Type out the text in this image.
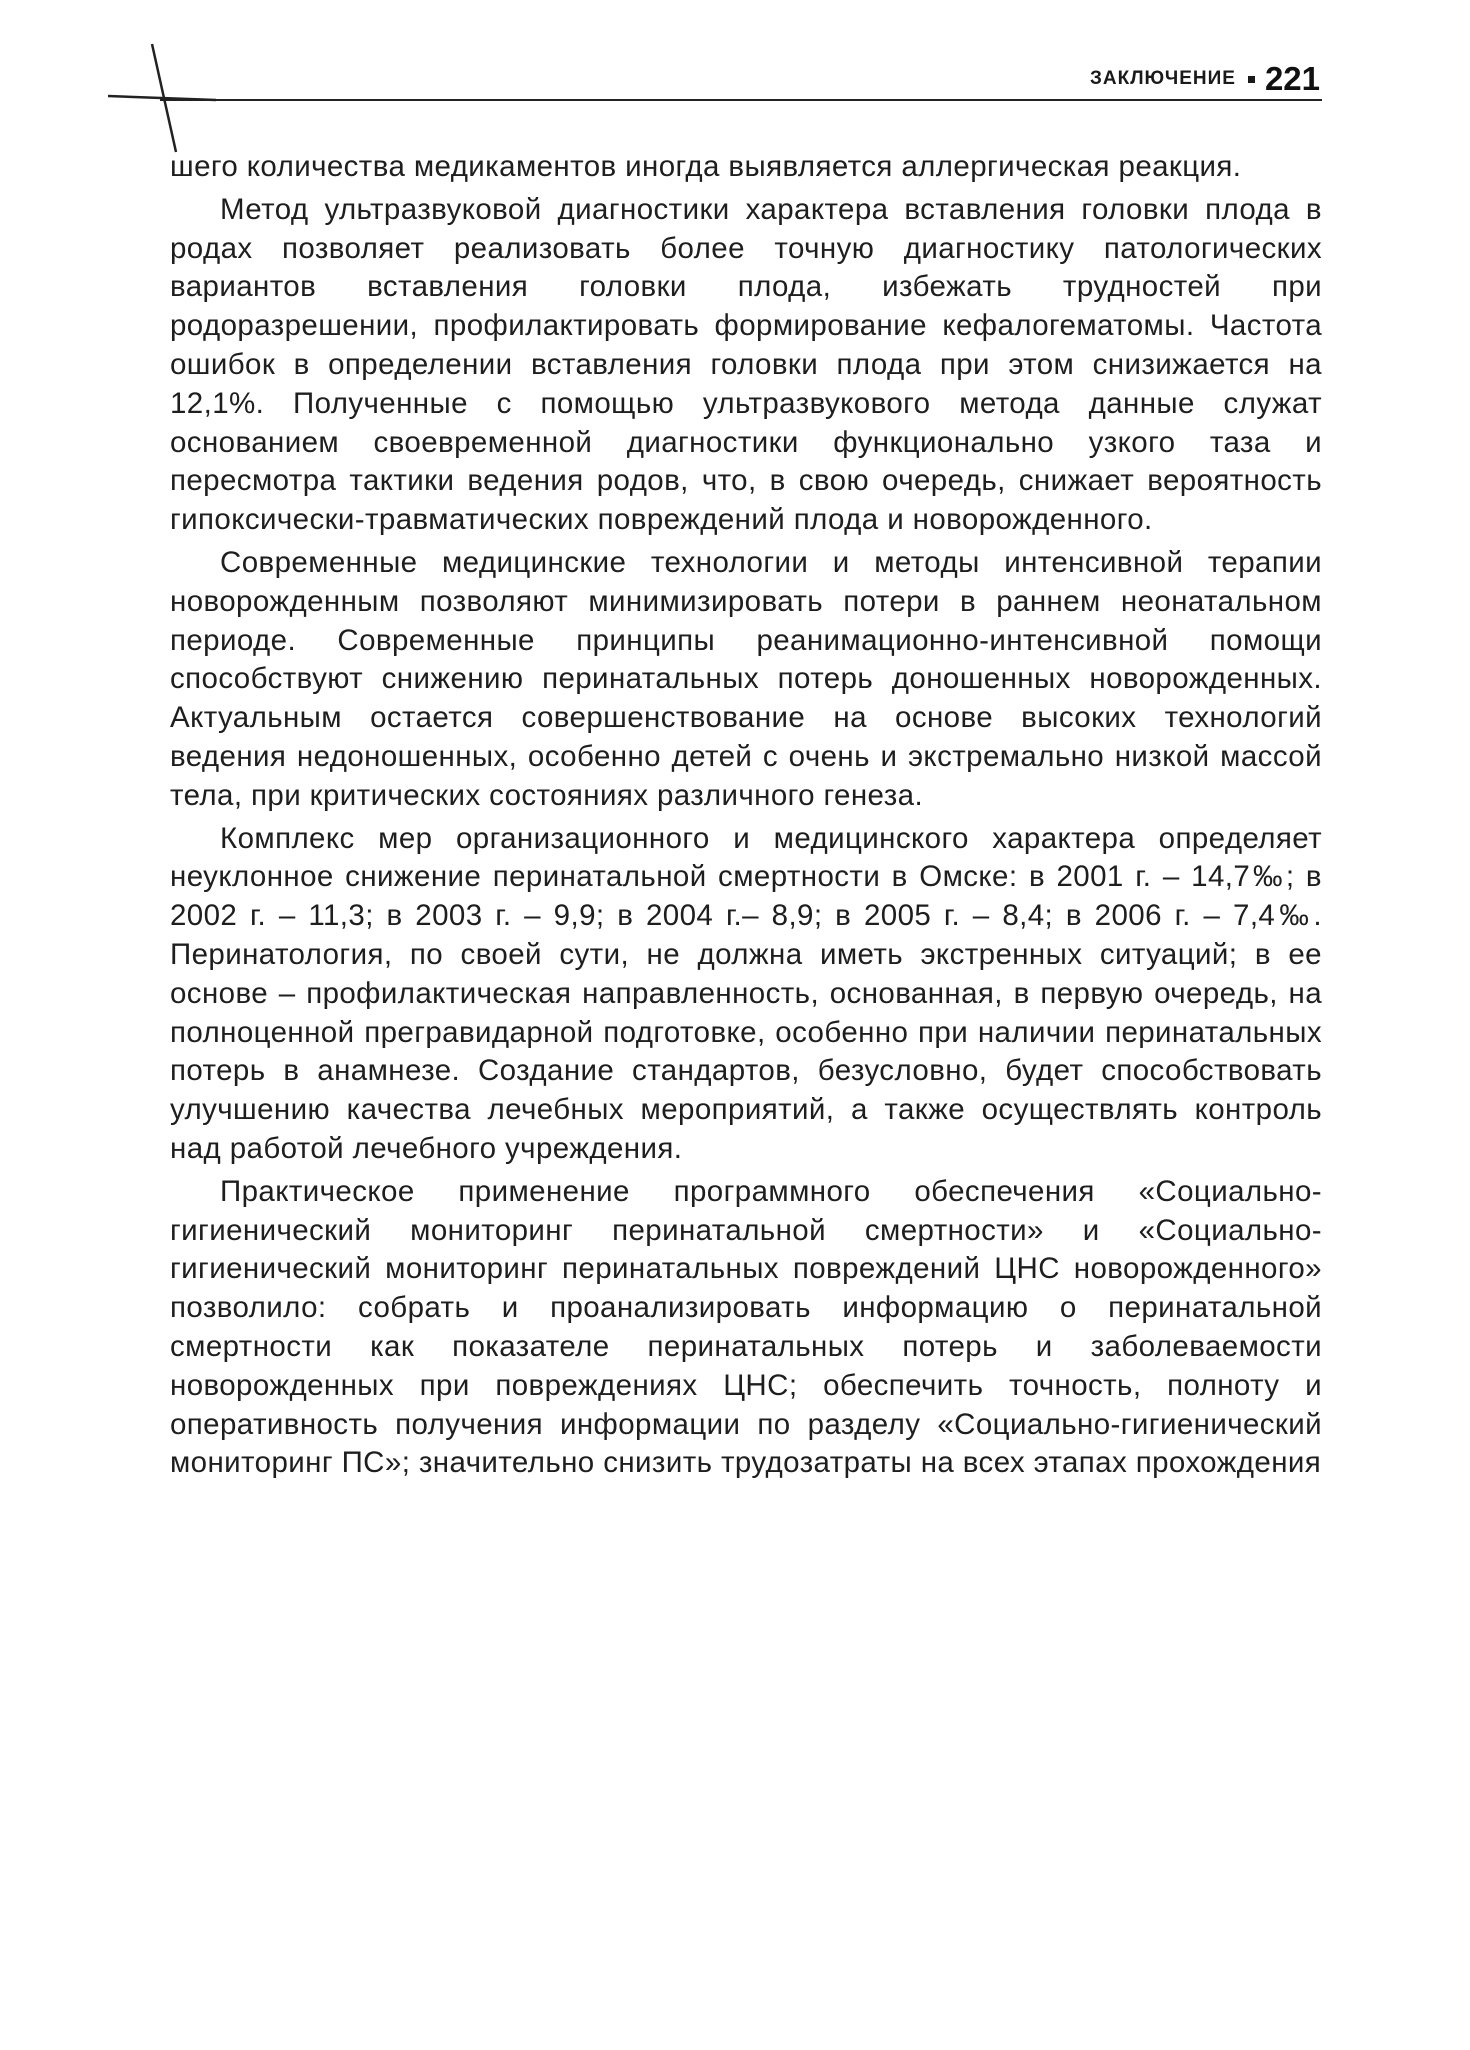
ЗАКЛЮЧЕНИЕ 221

шего количества медикаментов иногда выявляется аллергическая реакция.

Метод ультразвуковой диагностики характера вставления головки плода в родах позволяет реализовать более точную диагностику патологических вариантов вставления головки плода, избежать трудностей при родоразрешении, профилактировать формирование кефалогематомы. Частота ошибок в определении вставления головки плода при этом снизижается на 12,1%. Полученные с помощью ультразвукового метода данные служат основанием своевременной диагностики функционально узкого таза и пересмотра тактики ведения родов, что, в свою очередь, снижает вероятность гипоксически-травматических повреждений плода и новорожденного.

Современные медицинские технологии и методы интенсивной терапии новорожденным позволяют минимизировать потери в раннем неонатальном периоде. Современные принципы реанимационно-интенсивной помощи способствуют снижению перинатальных потерь доношенных новорожденных. Актуальным остается совершенствование на основе высоких технологий ведения недоношенных, особенно детей с очень и экстремально низкой массой тела, при критических состояниях различного генеза.

Комплекс мер организационного и медицинского характера определяет неуклонное снижение перинатальной смертности в Омске: в 2001 г. – 14,7‰; в 2002 г. – 11,3; в 2003 г. – 9,9; в 2004 г.– 8,9; в 2005 г. – 8,4; в 2006 г. – 7,4‰. Перинатология, по своей сути, не должна иметь экстренных ситуаций; в ее основе – профилактическая направленность, основанная, в первую очередь, на полноценной прегравидарной подготовке, особенно при наличии перинатальных потерь в анамнезе. Создание стандартов, безусловно, будет способствовать улучшению качества лечебных мероприятий, а также осуществлять контроль над работой лечебного учреждения.

Практическое применение программного обеспечения «Социально-гигиенический мониторинг перинатальной смертности» и «Социально-гигиенический мониторинг перинатальных повреждений ЦНС новорожденного» позволило: собрать и проанализировать информацию о перинатальной смертности как показателе перинатальных потерь и заболеваемости новорожденных при повреждениях ЦНС; обеспечить точность, полноту и оперативность получения информации по разделу «Социально-гигиенический мониторинг ПС»; значительно снизить трудозатраты на всех этапах прохождения
